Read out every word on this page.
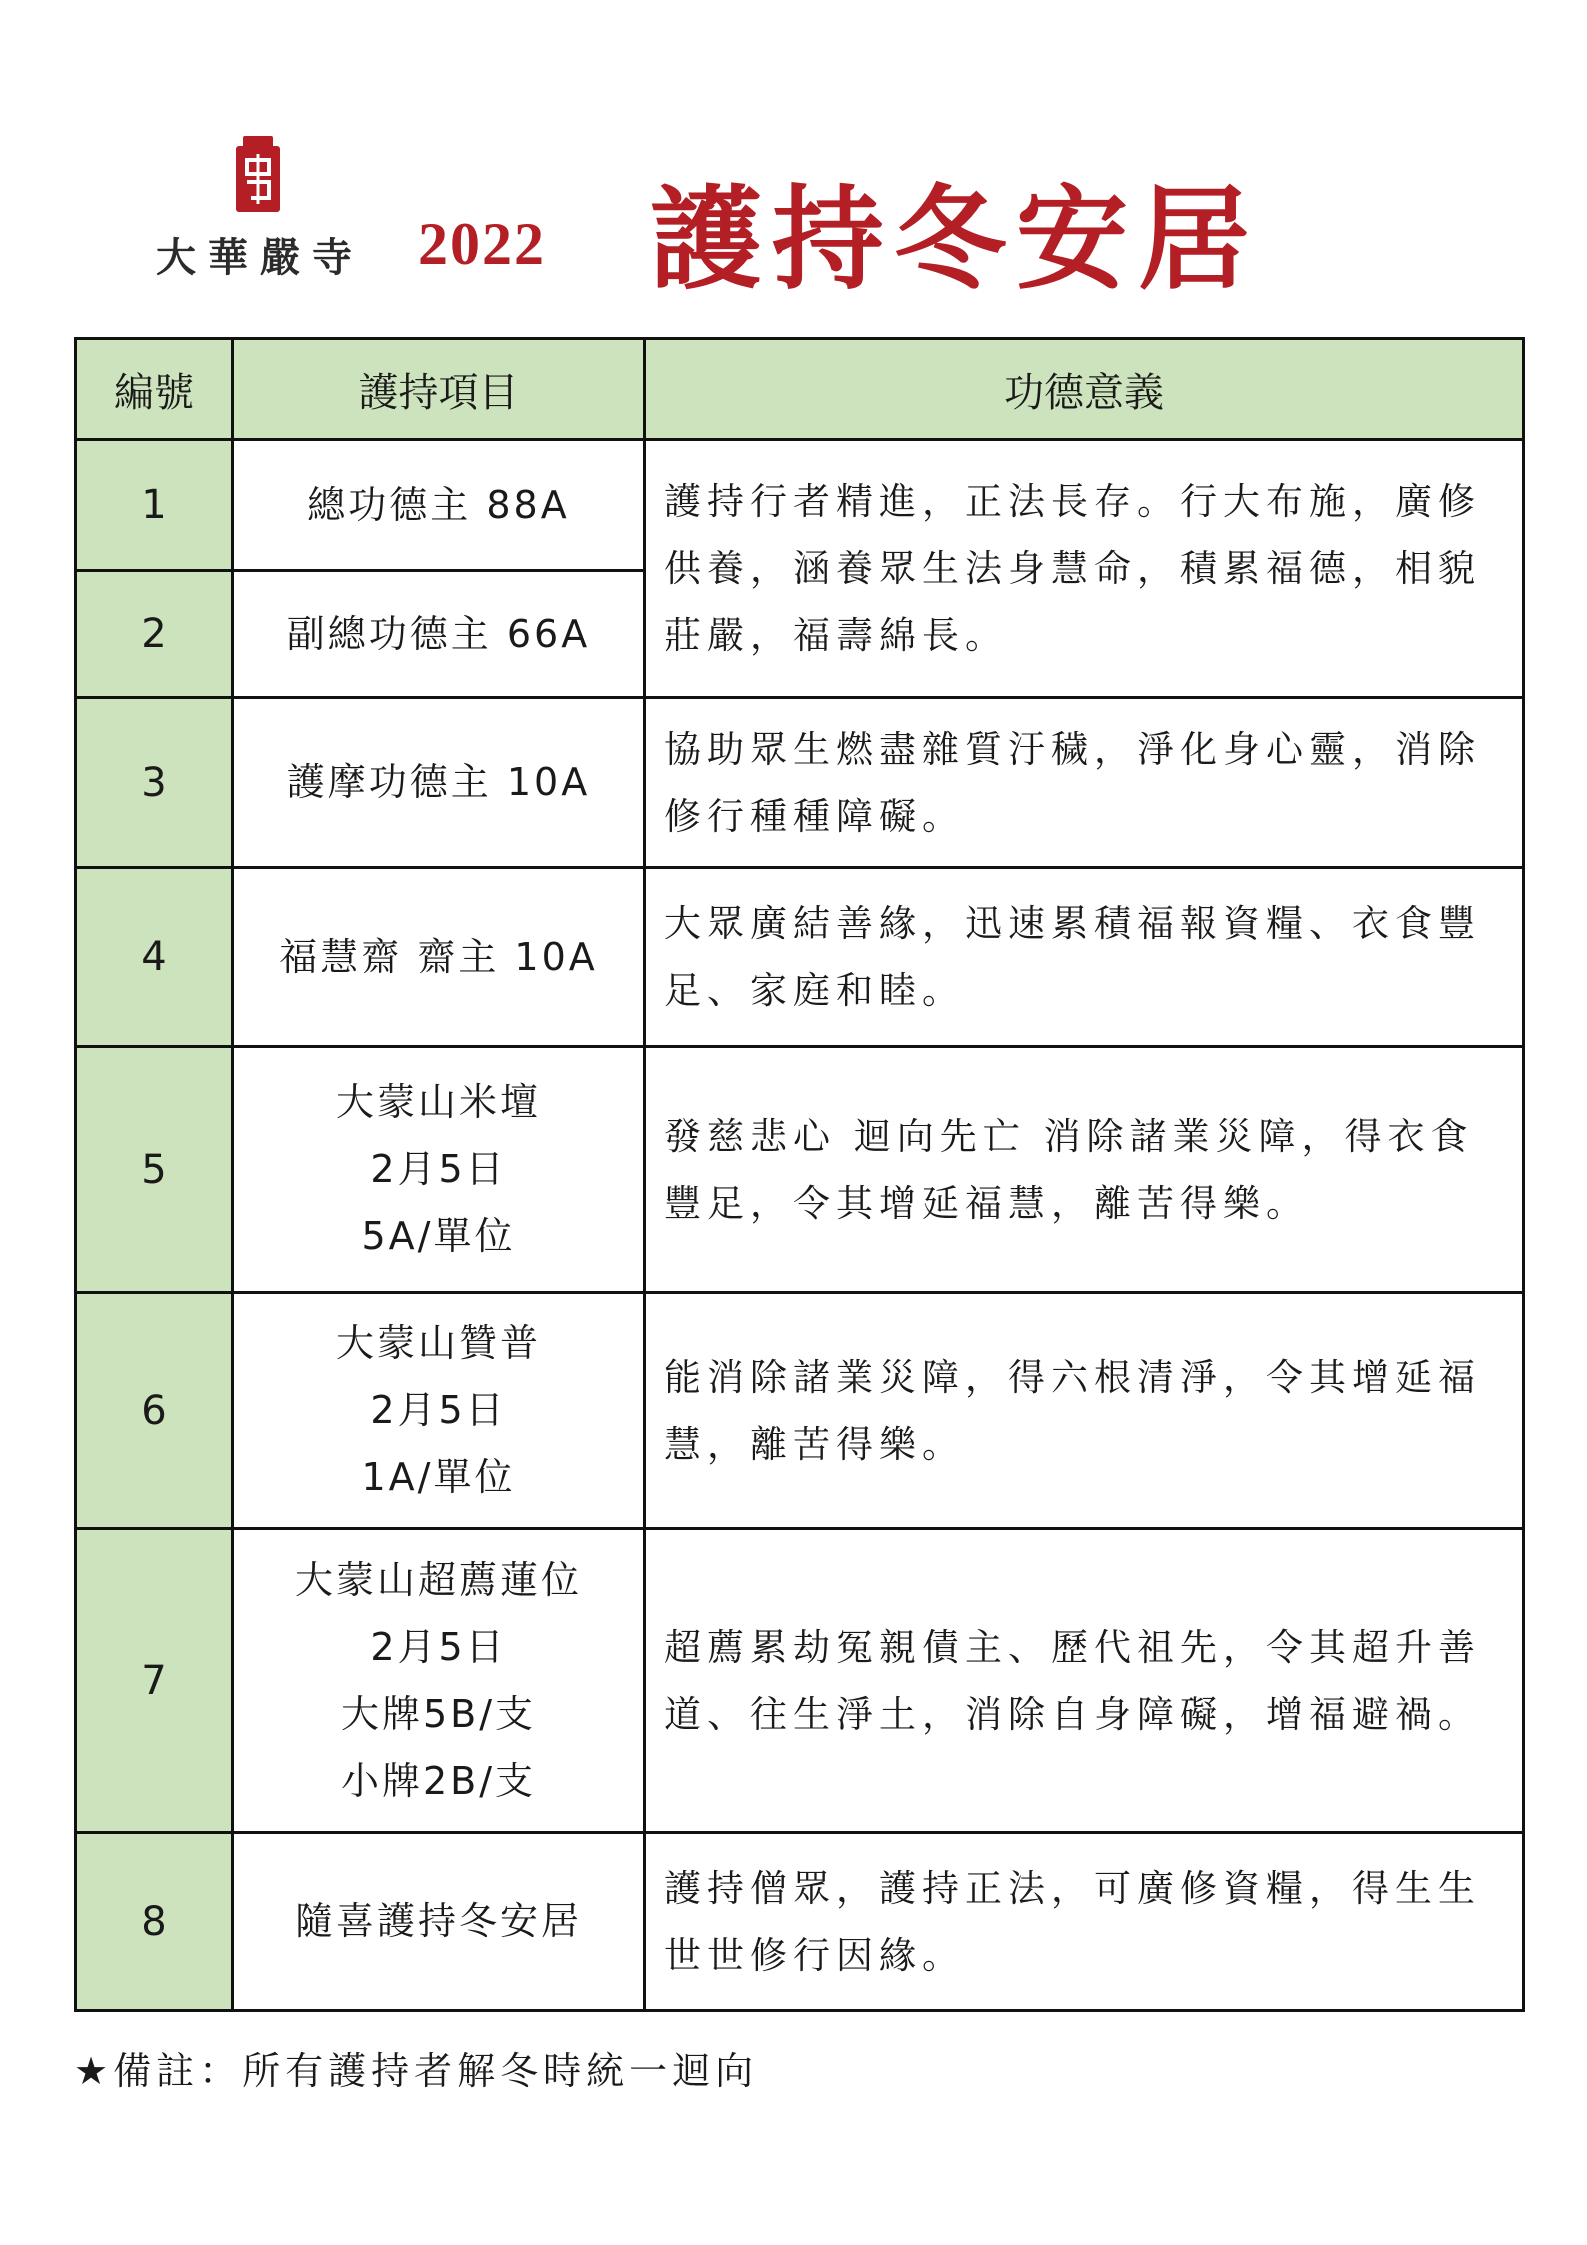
大華嚴寺 2022 護持冬安居
編號	護持項目	功德意義
1	總功德主 88A	護持行者精進，正法長存。行大布施，廣修供養，涵養眾生法身慧命，積累福德，相貌莊嚴，福壽綿長。
2	副總功德主 66A	

3	護摩功德主 10A	協助眾生燃盡雜質汙穢，淨化身心靈，消除修行種種障礙。
4	福慧齋 齋主 10A	大眾廣結善緣，迅速累積福報資糧、衣食豐足、家庭和睦。
5	大蒙山米壇
2月5日
5A/單位	發慈悲心 迴向先亡 消除諸業災障，得衣食豐足，令其增延福慧，離苦得樂。
6	大蒙山贊普
2月5日
1A/單位	能消除諸業災障，得六根清淨，令其增延福慧，離苦得樂。
7	大蒙山超薦蓮位
2月5日
大牌5B/支
小牌2B/支	超薦累劫冤親債主、歷代祖先，令其超升善道、往生淨土，消除自身障礙，增福避禍。
8	隨喜護持冬安居	護持僧眾，護持正法，可廣修資糧，得生生世世修行因緣。
★備註：所有護持者解冬時統一迴向
